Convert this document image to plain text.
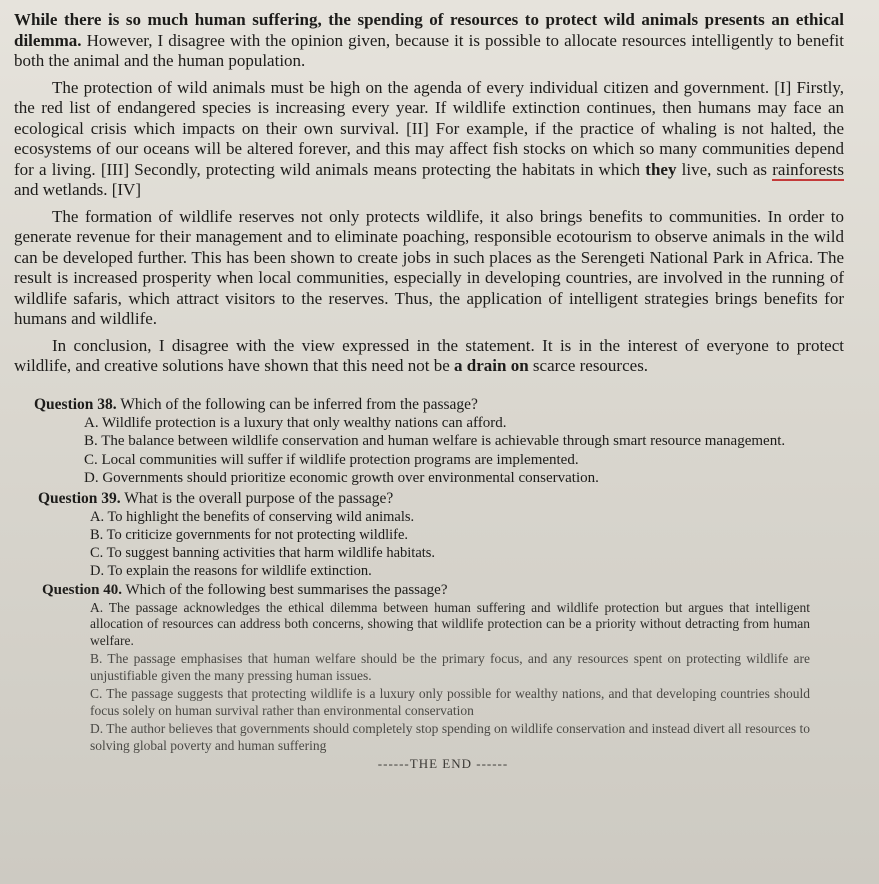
While there is so much human suffering, the spending of resources to protect wild animals presents an ethical dilemma. However, I disagree with the opinion given, because it is possible to allocate resources intelligently to benefit both the animal and the human population.

The protection of wild animals must be high on the agenda of every individual citizen and government. [I] Firstly, the red list of endangered species is increasing every year. If wildlife extinction continues, then humans may face an ecological crisis which impacts on their own survival. [II] For example, if the practice of whaling is not halted, the ecosystems of our oceans will be altered forever, and this may affect fish stocks on which so many communities depend for a living. [III] Secondly, protecting wild animals means protecting the habitats in which they live, such as rainforests and wetlands. [IV]

The formation of wildlife reserves not only protects wildlife, it also brings benefits to communities. In order to generate revenue for their management and to eliminate poaching, responsible ecotourism to observe animals in the wild can be developed further. This has been shown to create jobs in such places as the Serengeti National Park in Africa. The result is increased prosperity when local communities, especially in developing countries, are involved in the running of wildlife safaris, which attract visitors to the reserves. Thus, the application of intelligent strategies brings benefits for humans and wildlife.

In conclusion, I disagree with the view expressed in the statement. It is in the interest of everyone to protect wildlife, and creative solutions have shown that this need not be a drain on scarce resources.

Question 38. Which of the following can be inferred from the passage?
A. Wildlife protection is a luxury that only wealthy nations can afford.
B. The balance between wildlife conservation and human welfare is achievable through smart resource management.
C. Local communities will suffer if wildlife protection programs are implemented.
D. Governments should prioritize economic growth over environmental conservation.
Question 39. What is the overall purpose of the passage?
A. To highlight the benefits of conserving wild animals.
B. To criticize governments for not protecting wildlife.
C. To suggest banning activities that harm wildlife habitats.
D. To explain the reasons for wildlife extinction.
Question 40. Which of the following best summarises the passage?
A. The passage acknowledges the ethical dilemma between human suffering and wildlife protection but argues that intelligent allocation of resources can address both concerns, showing that wildlife protection can be a priority without detracting from human welfare.
B. The passage emphasises that human welfare should be the primary focus, and any resources spent on protecting wildlife are unjustifiable given the many pressing human issues.
C. The passage suggests that protecting wildlife is a luxury only possible for wealthy nations, and that developing countries should focus solely on human survival rather than environmental conservation
D. The author believes that governments should completely stop spending on wildlife conservation and instead divert all resources to solving global poverty and human suffering
------THE END ------
